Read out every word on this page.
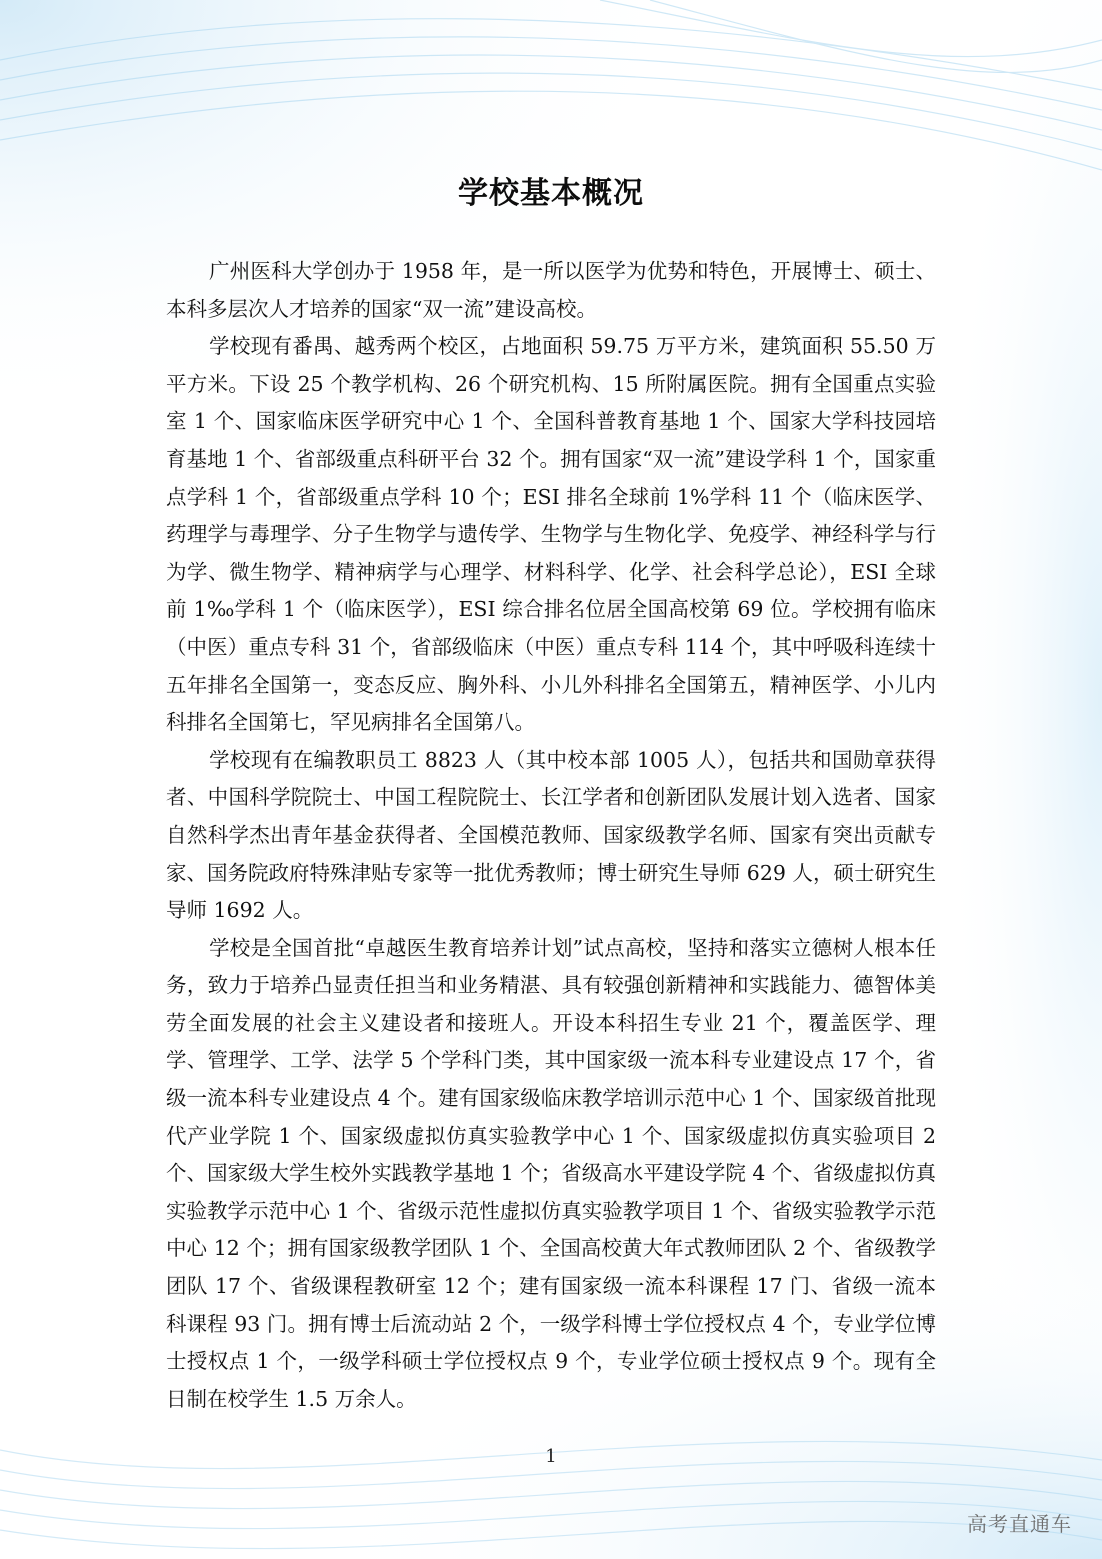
学校基本概况

广州医科大学创办于 1958 年，是一所以医学为优势和特色，开展博士、硕士、本科多层次人才培养的国家“双一流”建设高校。

学校现有番禺、越秀两个校区，占地面积 59.75 万平方米，建筑面积 55.50 万平方米。下设 25 个教学机构、26 个研究机构、15 所附属医院。拥有全国重点实验室 1 个、国家临床医学研究中心 1 个、全国科普教育基地 1 个、国家大学科技园培育基地 1 个、省部级重点科研平台 32 个。拥有国家“双一流”建设学科 1 个，国家重点学科 1 个，省部级重点学科 10 个；ESI 排名全球前 1%学科 11 个（临床医学、药理学与毒理学、分子生物学与遗传学、生物学与生物化学、免疫学、神经科学与行为学、微生物学、精神病学与心理学、材料科学、化学、社会科学总论），ESI 全球前 1‰学科 1 个（临床医学），ESI 综合排名位居全国高校第 69 位。学校拥有临床（中医）重点专科 31 个，省部级临床（中医）重点专科 114 个，其中呼吸科连续十五年排名全国第一，变态反应、胸外科、小儿外科排名全国第五，精神医学、小儿内科排名全国第七，罕见病排名全国第八。

学校现有在编教职员工 8823 人（其中校本部 1005 人），包括共和国勋章获得者、中国科学院院士、中国工程院院士、长江学者和创新团队发展计划入选者、国家自然科学杰出青年基金获得者、全国模范教师、国家级教学名师、国家有突出贡献专家、国务院政府特殊津贴专家等一批优秀教师；博士研究生导师 629 人，硕士研究生导师 1692 人。

学校是全国首批“卓越医生教育培养计划”试点高校，坚持和落实立德树人根本任务，致力于培养凸显责任担当和业务精湛、具有较强创新精神和实践能力、德智体美劳全面发展的社会主义建设者和接班人。开设本科招生专业 21 个，覆盖医学、理学、管理学、工学、法学 5 个学科门类，其中国家级一流本科专业建设点 17 个，省级一流本科专业建设点 4 个。建有国家级临床教学培训示范中心 1 个、国家级首批现代产业学院 1 个、国家级虚拟仿真实验教学中心 1 个、国家级虚拟仿真实验项目 2 个、国家级大学生校外实践教学基地 1 个；省级高水平建设学院 4 个、省级虚拟仿真实验教学示范中心 1 个、省级示范性虚拟仿真实验教学项目 1 个、省级实验教学示范中心 12 个；拥有国家级教学团队 1 个、全国高校黄大年式教师团队 2 个、省级教学团队 17 个、省级课程教研室 12 个；建有国家级一流本科课程 17 门、省级一流本科课程 93 门。拥有博士后流动站 2 个，一级学科博士学位授权点 4 个，专业学位博士授权点 1 个，一级学科硕士学位授权点 9 个，专业学位硕士授权点 9 个。现有全日制在校学生 1.5 万余人。

1
高考直通车
